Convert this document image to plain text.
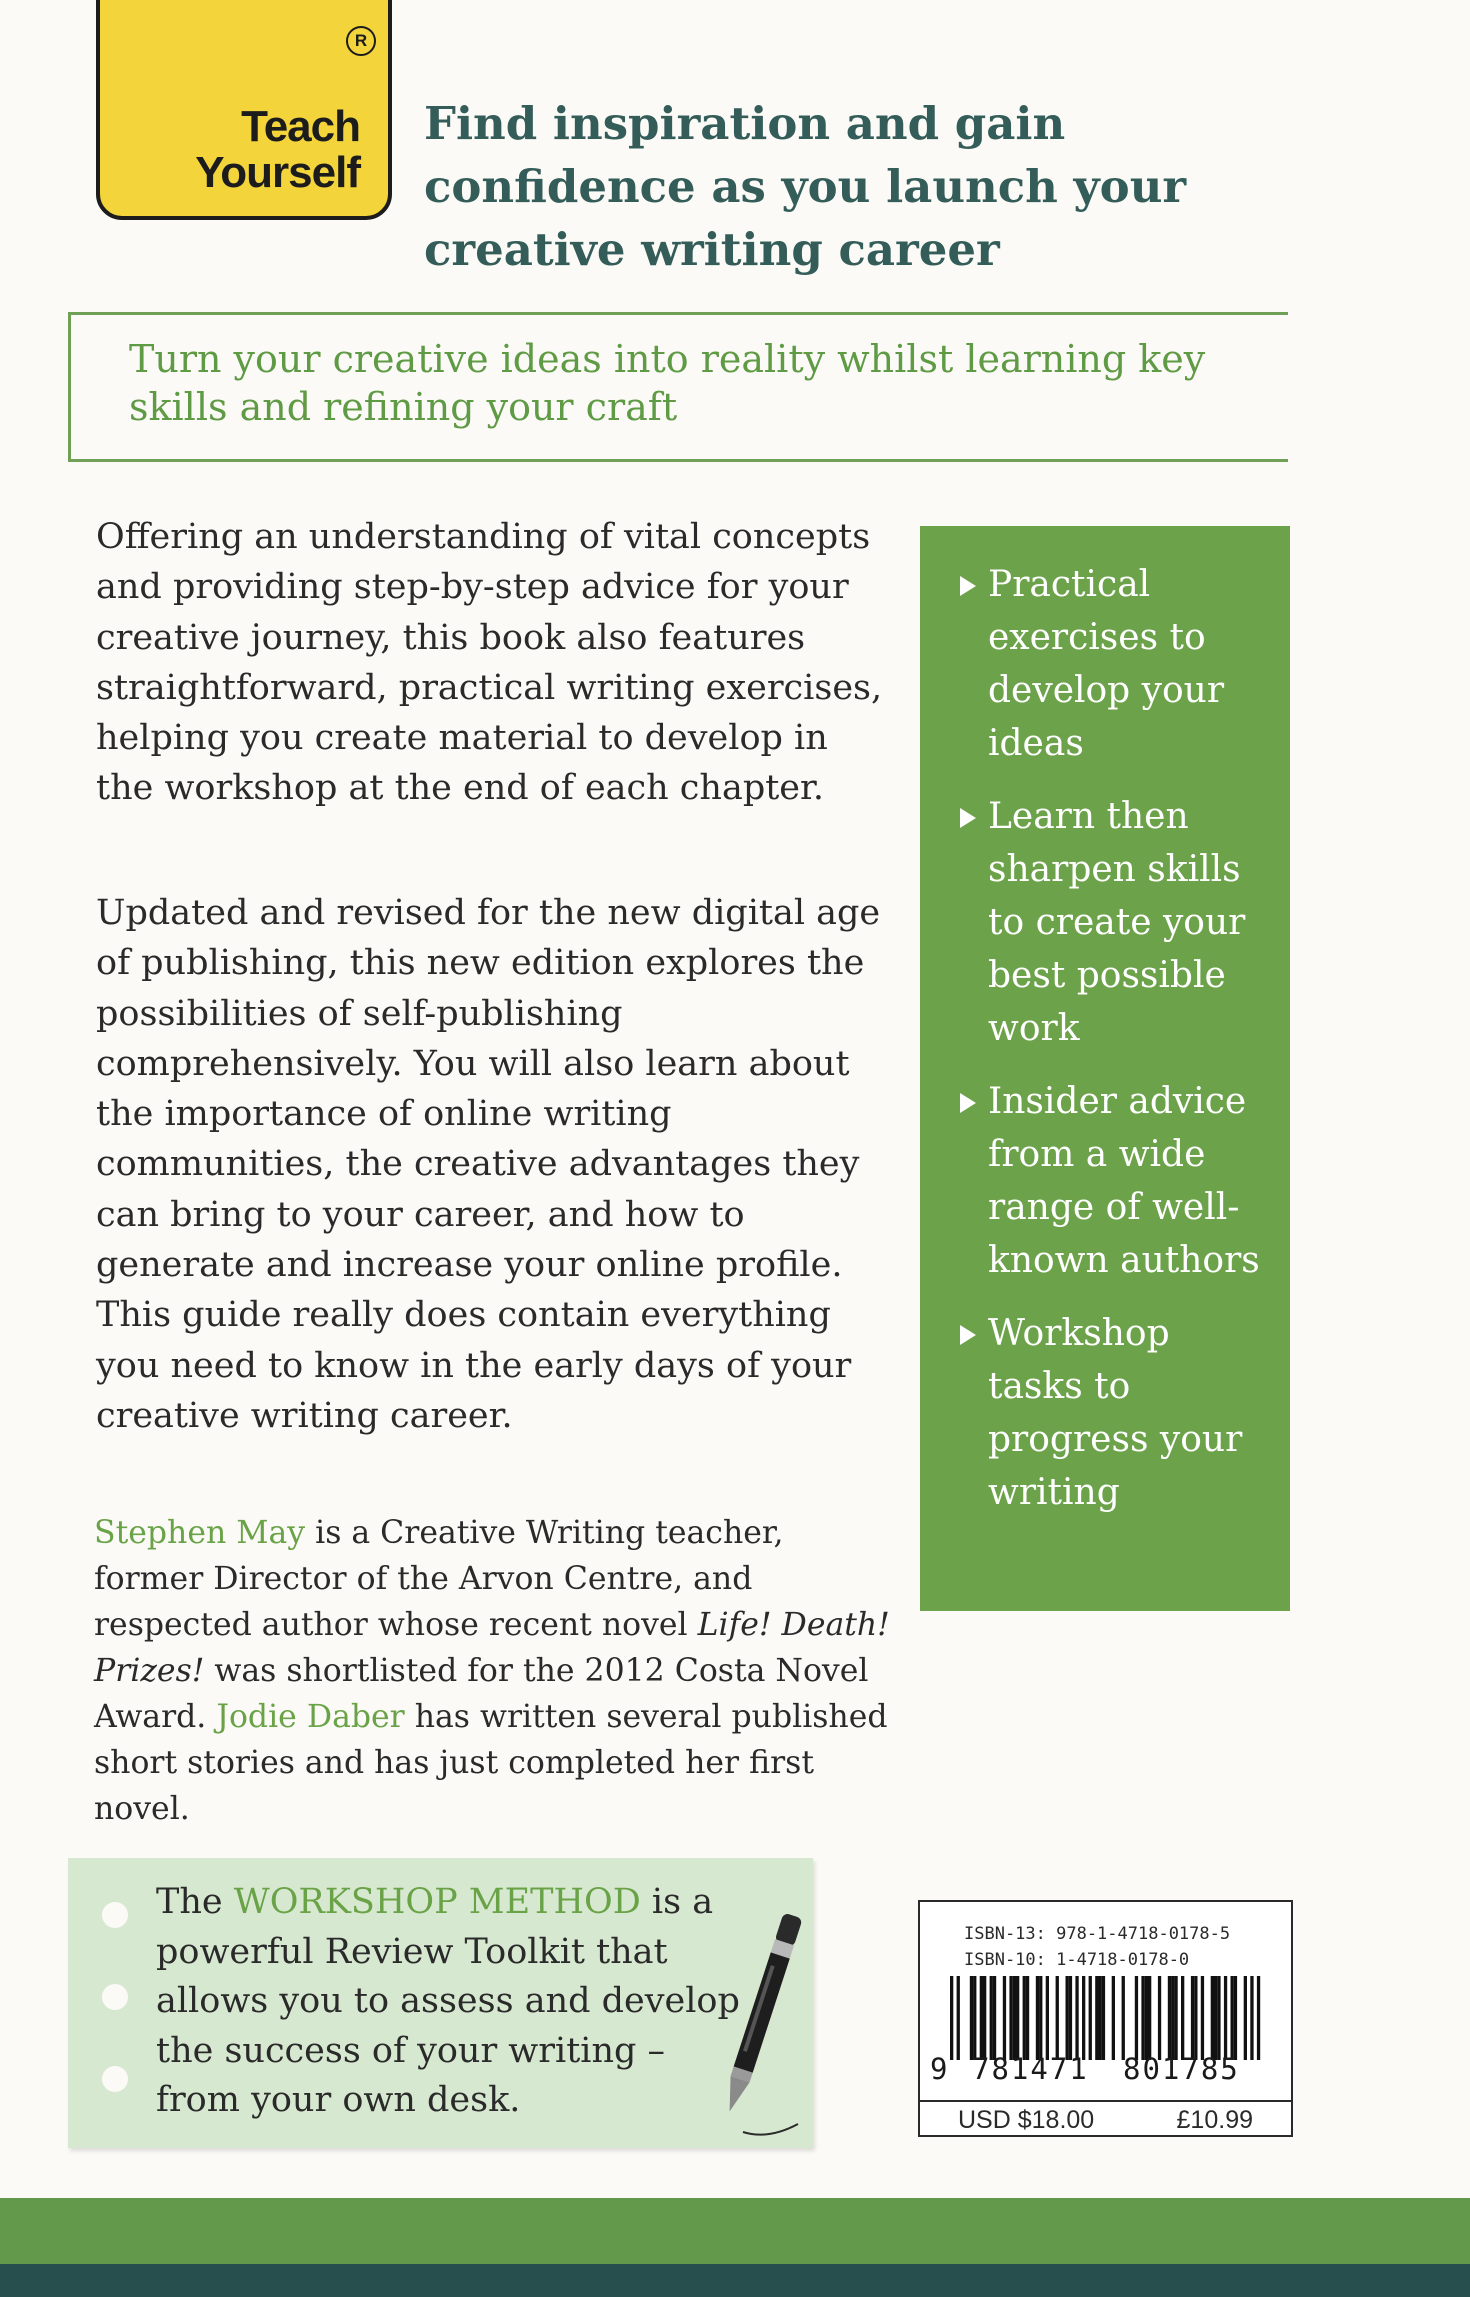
R
Teach
Yourself
Find inspiration and gain confidence as you launch your creative writing career

Turn your creative ideas into reality whilst learning key skills and refining your craft

Offering an understanding of vital concepts and providing step-by-step advice for your creative journey, this book also features straightforward, practical writing exercises, helping you create material to develop in the workshop at the end of each chapter.

Updated and revised for the new digital age of publishing, this new edition explores the possibilities of self-publishing comprehensively. You will also learn about the importance of online writing communities, the creative advantages they can bring to your career, and how to generate and increase your online profile. This guide really does contain everything you need to know in the early days of your creative writing career.

Stephen May is a Creative Writing teacher, former Director of the Arvon Centre, and respected author whose recent novel Life! Death! Prizes! was shortlisted for the 2012 Costa Novel Award. Jodie Daber has written several published short stories and has just completed her first novel.

Practical exercises to develop your ideas

Learn then sharpen skills to create your best possible work

Insider advice from a wide range of well-known authors

Workshop tasks to progress your writing

The WORKSHOP METHOD is a powerful Review Toolkit that allows you to assess and develop the success of your writing – from your own desk.

ISBN-13: 978-1-4718-0178-5

ISBN-10: 1-4718-0178-0

9 781471 801785

USD $18.00	£10.99
